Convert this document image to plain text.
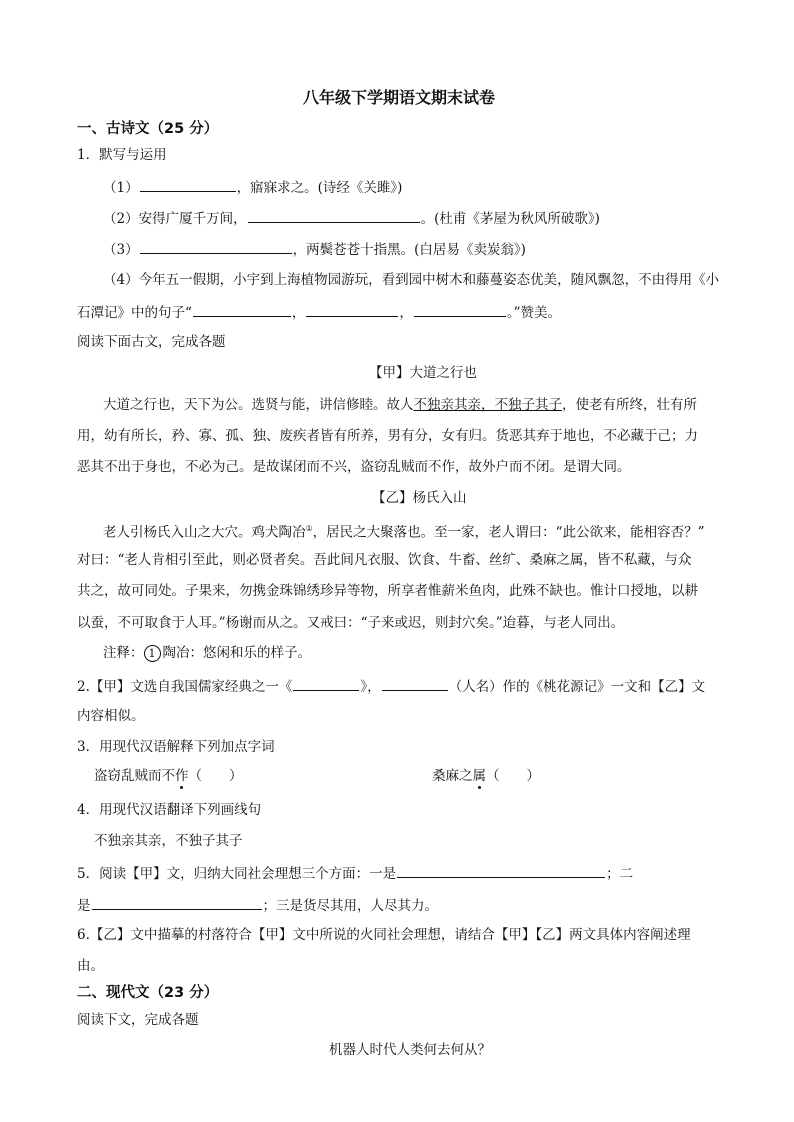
八年级下学期语文期末试卷
一、古诗文（25 分）
1．默写与运用
（1）	，寤寐求之。(诗经《关雎》)
（2）安得广厦千万间，	。(杜甫《茅屋为秋风所破歌》)
（3）	，两鬓苍苍十指黑。(白居易《卖炭翁》)
（4）今年五一假期，小宇到上海植物园游玩，看到园中树木和藤蔓姿态优美，随风飘忽，不由得用《小
石潭记》中的句子“	，	，	。”赞美。
阅读下面古文，完成各题
【甲】大道之行也
大道之行也，天下为公。选贤与能，讲信修睦。故人不独亲其亲，不独子其子，使老有所终，壮有所
用，幼有所长，矜、寡、孤、独、废疾者皆有所养，男有分，女有归。货恶其弃于地也，不必藏于己；力
恶其不出于身也，不必为己。是故谋闭而不兴，盗窃乱贼而不作，故外户而不闭。是谓大同。
【乙】杨氏入山
老人引杨氏入山之大穴。鸡犬陶冶①，居民之大聚落也。至一家，老人谓曰：“此公欲来，能相容否？”
对曰：“老人肯相引至此，则必贤者矣。吾此间凡衣服、饮食、牛畜、丝纩、桑麻之属，皆不私藏，与众
共之，故可同处。子果来，勿携金珠锦绣珍异等物，所享者惟薪米鱼肉，此殊不缺也。惟计口授地，以耕
以蚕，不可取食于人耳。”杨谢而从之。又戒曰：“子来或迟，则封穴矣。”迨暮，与老人同出。
注释： 1 陶冶：悠闲和乐的样子。
2.【甲】文选自我国儒家经典之一《	》，	（人名）作的《桃花源记》一文和【乙】文
内容相似。
3．用现代汉语解释下列加点字词
盗窃乱贼而不作（　　）	桑麻之属（　　）
4．用现代汉语翻译下列画线句
不独亲其亲，不独子其子
5．阅读【甲】文，归纳大同社会理想三个方面：一是	；二
是	；三是货尽其用，人尽其力。
6.【乙】文中描摹的村落符合【甲】文中所说的火同社会理想，请结合【甲】【乙】两文具体内容阐述理
由。
二、现代文（23 分）
阅读下文，完成各题
机器人时代人类何去何从？
